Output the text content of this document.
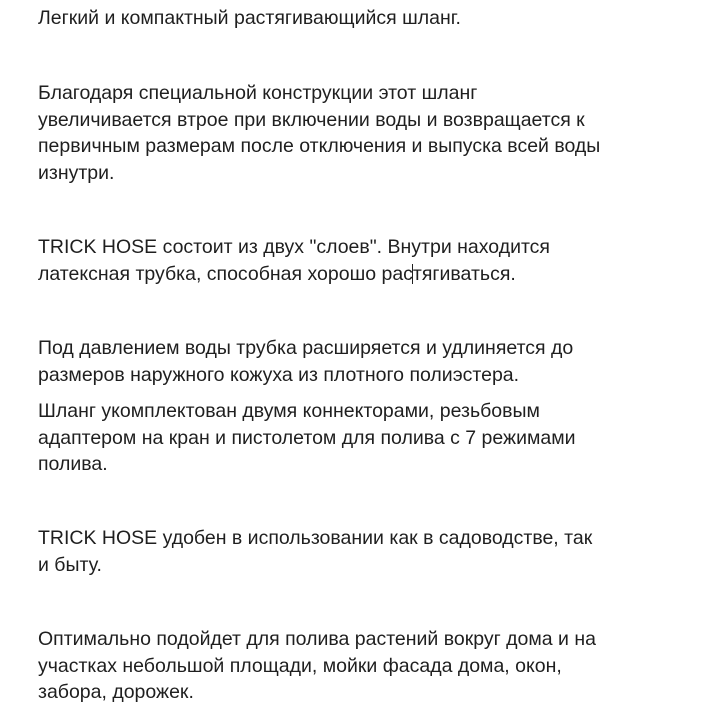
Легкий и компактный растягивающийся шланг.

Благодаря специальной конструкции этот шланг
увеличивается втрое при включении воды и возвращается к
первичным размерам после отключения и выпуска всей воды
изнутри.

TRICK HOSE состоит из двух "слоев". Внутри находится
латексная трубка, способная хорошо растягиваться.

Под давлением воды трубка расширяется и удлиняется до
размеров наружного кожуха из плотного полиэстера.

Шланг укомплектован двумя коннекторами, резьбовым
адаптером на кран и пистолетом для полива с 7 режимами
полива.

TRICK HOSE удобен в использовании как в садоводстве, так
и быту.

Оптимально подойдет для полива растений вокруг дома и на
участках небольшой площади, мойки фасада дома, окон,
забора, дорожек.
